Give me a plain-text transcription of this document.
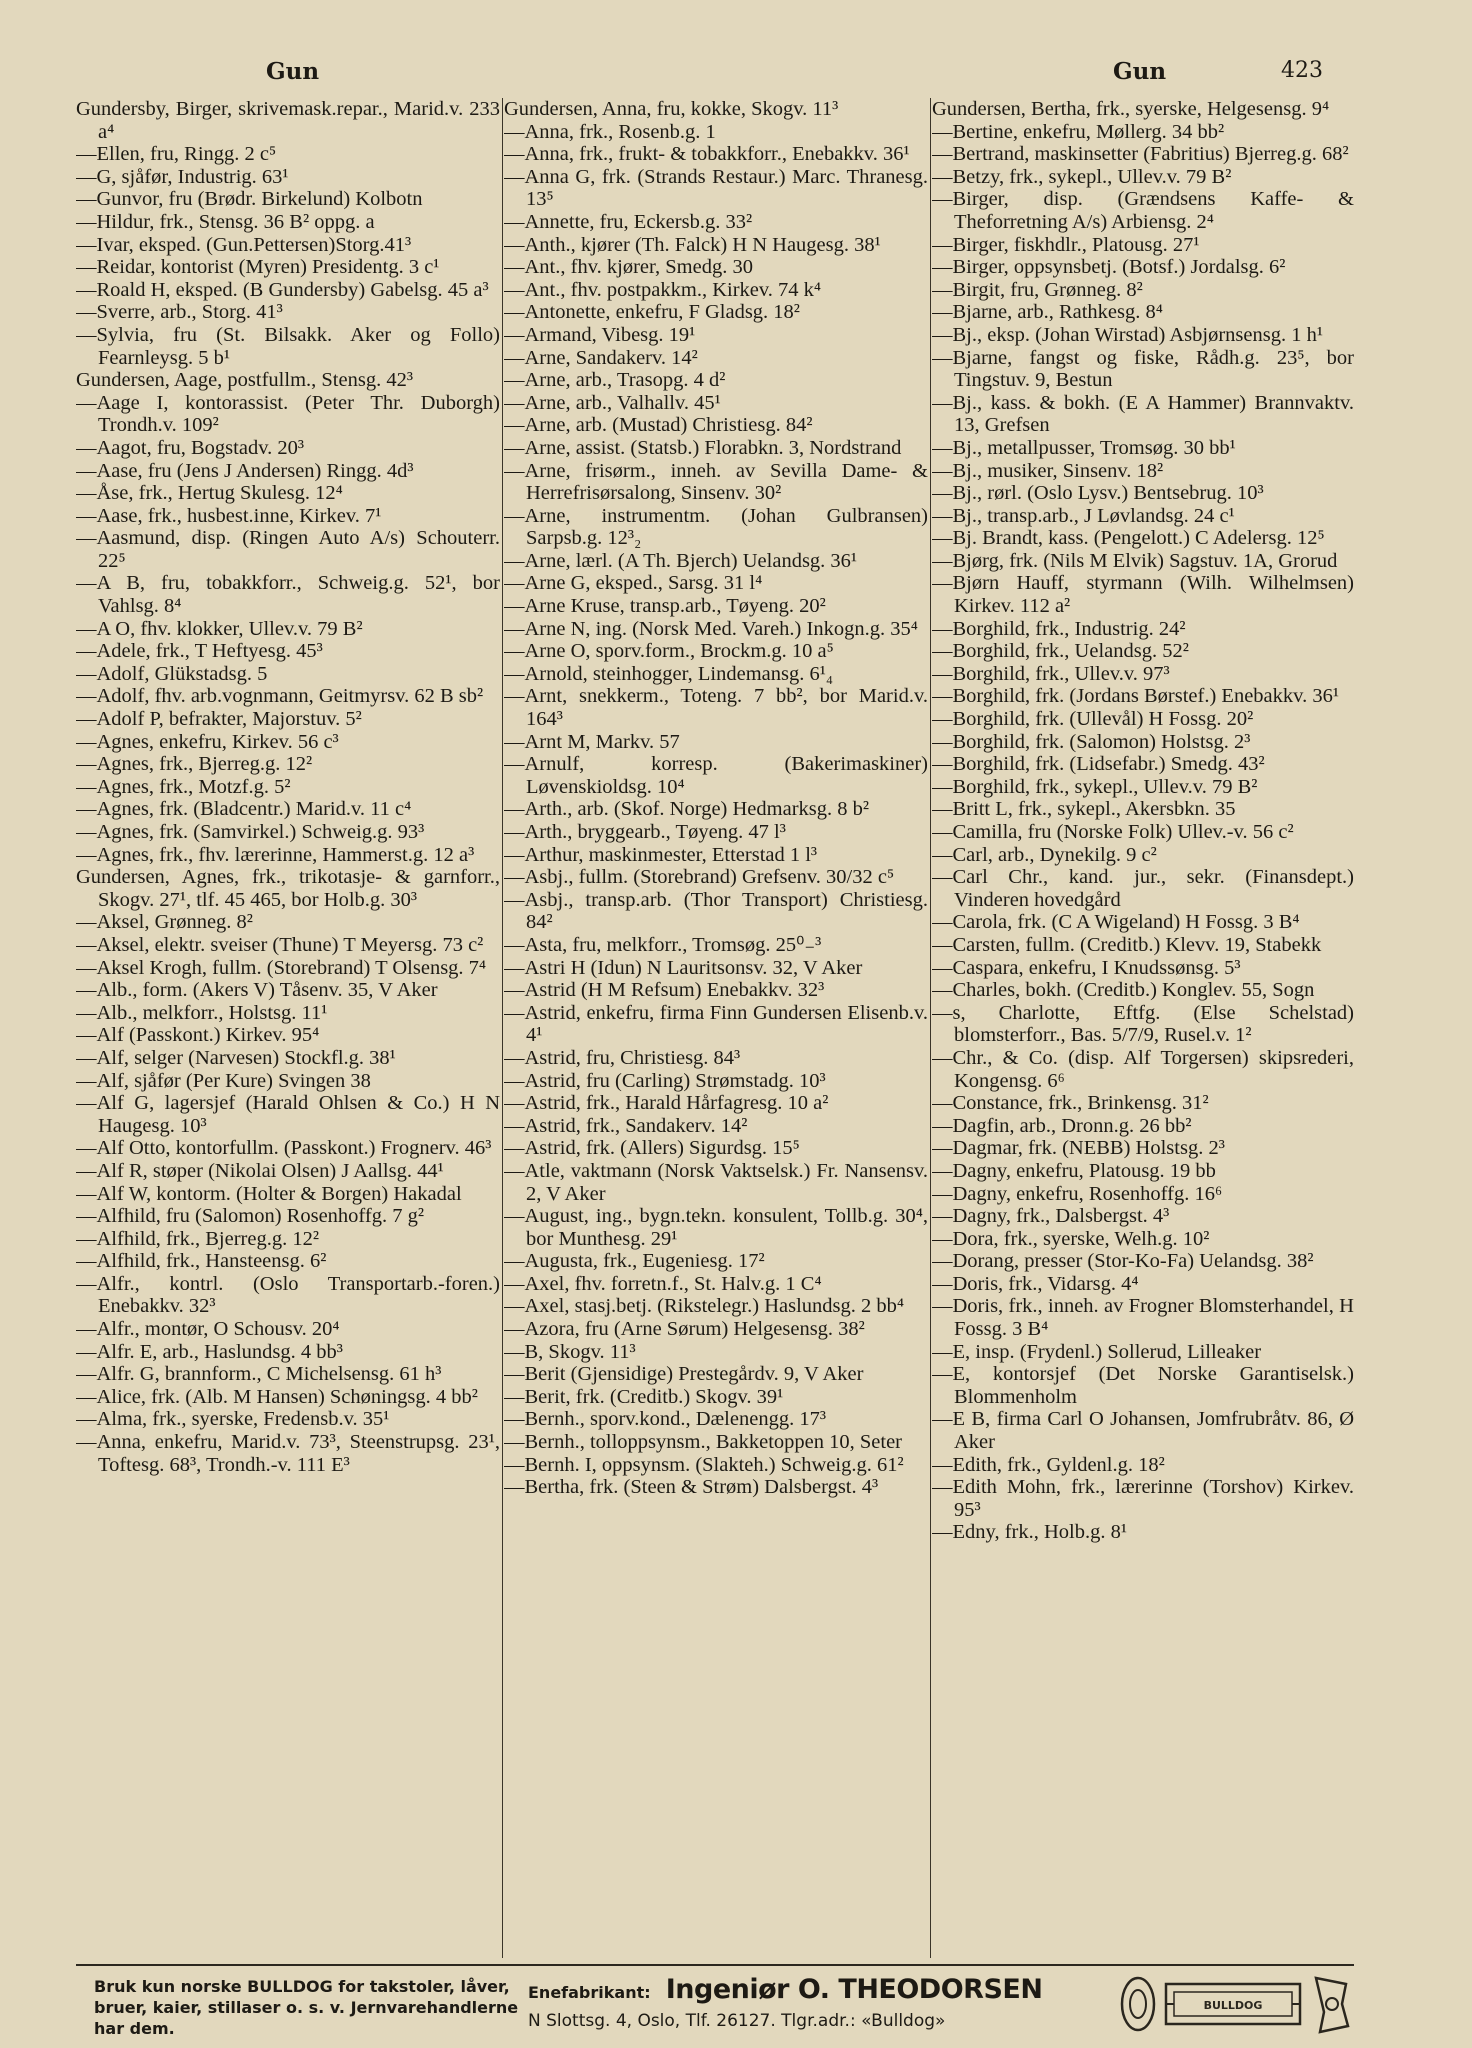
Gun	Gun	423

Gundersby, Birger, skrivemask.repar., Marid.v. 233 a⁴

—Ellen, fru, Ringg. 2 c⁵

—G, sjåfør, Industrig. 63¹

—Gunvor, fru (Brødr. Birkelund) Kolbotn

—Hildur, frk., Stensg. 36 B² oppg. a

—Ivar, eksped. (Gun.Pettersen)Storg.41³

—Reidar, kontorist (Myren) Presidentg. 3 c¹

—Roald H, eksped. (B Gundersby) Gabelsg. 45 a³

—Sverre, arb., Storg. 41³

—Sylvia, fru (St. Bilsakk. Aker og Follo) Fearnleysg. 5 b¹

Gundersen, Aage, postfullm., Stensg. 42³

—Aage I, kontorassist. (Peter Thr. Duborgh) Trondh.v. 109²

—Aagot, fru, Bogstadv. 20³

—Aase, fru (Jens J Andersen) Ringg. 4d³

—Åse, frk., Hertug Skulesg. 12⁴

—Aase, frk., husbest.inne, Kirkev. 7¹

—Aasmund, disp. (Ringen Auto A/s) Schouterr. 22⁵

—A B, fru, tobakkforr., Schweig.g. 52¹, bor Vahlsg. 8⁴

—A O, fhv. klokker, Ullev.v. 79 B²

—Adele, frk., T Heftyesg. 45³

—Adolf, Glükstadsg. 5

—Adolf, fhv. arb.vognmann, Geitmyrsv. 62 B sb²

—Adolf P, befrakter, Majorstuv. 5²

—Agnes, enkefru, Kirkev. 56 c³

—Agnes, frk., Bjerreg.g. 12²

—Agnes, frk., Motzf.g. 5²

—Agnes, frk. (Bladcentr.) Marid.v. 11 c⁴

—Agnes, frk. (Samvirkel.) Schweig.g. 93³

—Agnes, frk., fhv. lærerinne, Hammerst.g. 12 a³

Gundersen, Agnes, frk., trikotasje- & garnforr., Skogv. 27¹, tlf. 45 465, bor Holb.g. 30³

—Aksel, Grønneg. 8²

—Aksel, elektr. sveiser (Thune) T Meyersg. 73 c²

—Aksel Krogh, fullm. (Storebrand) T Olsensg. 7⁴

—Alb., form. (Akers V) Tåsenv. 35, V Aker

—Alb., melkforr., Holstsg. 11¹

—Alf (Passkont.) Kirkev. 95⁴

—Alf, selger (Narvesen) Stockfl.g. 38¹

—Alf, sjåfør (Per Kure) Svingen 38

—Alf G, lagersjef (Harald Ohlsen & Co.) H N Haugesg. 10³

—Alf Otto, kontorfullm. (Passkont.) Frognerv. 46³

—Alf R, støper (Nikolai Olsen) J Aallsg. 44¹

—Alf W, kontorm. (Holter & Borgen) Hakadal

—Alfhild, fru (Salomon) Rosenhoffg. 7 g²

—Alfhild, frk., Bjerreg.g. 12²

—Alfhild, frk., Hansteensg. 6²

—Alfr., kontrl. (Oslo Transportarb.-foren.) Enebakkv. 32³

—Alfr., montør, O Schousv. 20⁴

—Alfr. E, arb., Haslundsg. 4 bb³

—Alfr. G, brannform., C Michelsensg. 61 h³

—Alice, frk. (Alb. M Hansen) Schøningsg. 4 bb²

—Alma, frk., syerske, Fredensb.v. 35¹

—Anna, enkefru, Marid.v. 73³, Steenstrupsg. 23¹, Toftesg. 68³, Trondh.-v. 111 E³

Gundersen, Anna, fru, kokke, Skogv. 11³

—Anna, frk., Rosenb.g. 1

—Anna, frk., frukt- & tobakkforr., Enebakkv. 36¹

—Anna G, frk. (Strands Restaur.) Marc. Thranesg. 13⁵

—Annette, fru, Eckersb.g. 33²

—Anth., kjører (Th. Falck) H N Haugesg. 38¹

—Ant., fhv. kjører, Smedg. 30

—Ant., fhv. postpakkm., Kirkev. 74 k⁴

—Antonette, enkefru, F Gladsg. 18²

—Armand, Vibesg. 19¹

—Arne, Sandakerv. 14²

—Arne, arb., Trasopg. 4 d²

—Arne, arb., Valhallv. 45¹

—Arne, arb. (Mustad) Christiesg. 84²

—Arne, assist. (Statsb.) Florabkn. 3, Nordstrand

—Arne, frisørm., inneh. av Sevilla Dame- & Herrefrisørsalong, Sinsenv. 30²

—Arne, instrumentm. (Johan Gulbransen) Sarpsb.g. 12³₂

—Arne, lærl. (A Th. Bjerch) Uelandsg. 36¹

—Arne G, eksped., Sarsg. 31 l⁴

—Arne Kruse, transp.arb., Tøyeng. 20²

—Arne N, ing. (Norsk Med. Vareh.) Inkogn.g. 35⁴

—Arne O, sporv.form., Brockm.g. 10 a⁵

—Arnold, steinhogger, Lindemansg. 6¹₄

—Arnt, snekkerm., Toteng. 7 bb², bor Marid.v. 164³

—Arnt M, Markv. 57

—Arnulf, korresp. (Bakerimaskiner) Løvenskioldsg. 10⁴

—Arth., arb. (Skof. Norge) Hedmarksg. 8 b²

—Arth., bryggearb., Tøyeng. 47 l³

—Arthur, maskinmester, Etterstad 1 l³

—Asbj., fullm. (Storebrand) Grefsenv. 30/32 c⁵

—Asbj., transp.arb. (Thor Transport) Christiesg. 84²

—Asta, fru, melkforr., Tromsøg. 25⁰₋³

—Astri H (Idun) N Lauritsonsv. 32, V Aker

—Astrid (H M Refsum) Enebakkv. 32³

—Astrid, enkefru, firma Finn Gundersen Elisenb.v. 4¹

—Astrid, fru, Christiesg. 84³

—Astrid, fru (Carling) Strømstadg. 10³

—Astrid, frk., Harald Hårfagresg. 10 a²

—Astrid, frk., Sandakerv. 14²

—Astrid, frk. (Allers) Sigurdsg. 15⁵

—Atle, vaktmann (Norsk Vaktselsk.) Fr. Nansensv. 2, V Aker

—August, ing., bygn.tekn. konsulent, Tollb.g. 30⁴, bor Munthesg. 29¹

—Augusta, frk., Eugeniesg. 17²

—Axel, fhv. forretn.f., St. Halv.g. 1 C⁴

—Axel, stasj.betj. (Rikstelegr.) Haslundsg. 2 bb⁴

—Azora, fru (Arne Sørum) Helgesensg. 38²

—B, Skogv. 11³

—Berit (Gjensidige) Prestegårdv. 9, V Aker

—Berit, frk. (Creditb.) Skogv. 39¹

—Bernh., sporv.kond., Dælenengg. 17³

—Bernh., tolloppsynsm., Bakketoppen 10, Seter

—Bernh. I, oppsynsm. (Slakteh.) Schweig.g. 61²

—Bertha, frk. (Steen & Strøm) Dalsbergst. 4³

Gundersen, Bertha, frk., syerske, Helgesensg. 9⁴

—Bertine, enkefru, Møllerg. 34 bb²

—Bertrand, maskinsetter (Fabritius) Bjerreg.g. 68²

—Betzy, frk., sykepl., Ullev.v. 79 B²

—Birger, disp. (Grændsens Kaffe- & Theforretning A/s) Arbiensg. 2⁴

—Birger, fiskhdlr., Platousg. 27¹

—Birger, oppsynsbetj. (Botsf.) Jordalsg. 6²

—Birgit, fru, Grønneg. 8²

—Bjarne, arb., Rathkesg. 8⁴

—Bj., eksp. (Johan Wirstad) Asbjørnsensg. 1 h¹

—Bjarne, fangst og fiske, Rådh.g. 23⁵, bor Tingstuv. 9, Bestun

—Bj., kass. & bokh. (E A Hammer) Brannvaktv. 13, Grefsen

—Bj., metallpusser, Tromsøg. 30 bb¹

—Bj., musiker, Sinsenv. 18²

—Bj., rørl. (Oslo Lysv.) Bentsebrug. 10³

—Bj., transp.arb., J Løvlandsg. 24 c¹

—Bj. Brandt, kass. (Pengelott.) C Adelersg. 12⁵

—Bjørg, frk. (Nils M Elvik) Sagstuv. 1A, Grorud

—Bjørn Hauff, styrmann (Wilh. Wilhelmsen) Kirkev. 112 a²

—Borghild, frk., Industrig. 24²

—Borghild, frk., Uelandsg. 52²

—Borghild, frk., Ullev.v. 97³

—Borghild, frk. (Jordans Børstef.) Enebakkv. 36¹

—Borghild, frk. (Ullevål) H Fossg. 20²

—Borghild, frk. (Salomon) Holstsg. 2³

—Borghild, frk. (Lidsefabr.) Smedg. 43²

—Borghild, frk., sykepl., Ullev.v. 79 B²

—Britt L, frk., sykepl., Akersbkn. 35

—Camilla, fru (Norske Folk) Ullev.-v. 56 c²

—Carl, arb., Dynekilg. 9 c²

—Carl Chr., kand. jur., sekr. (Finansdept.) Vinderen hovedgård

—Carola, frk. (C A Wigeland) H Fossg. 3 B⁴

—Carsten, fullm. (Creditb.) Klevv. 19, Stabekk

—Caspara, enkefru, I Knudssønsg. 5³

—Charles, bokh. (Creditb.) Konglev. 55, Sogn

—s, Charlotte, Eftfg. (Else Schelstad) blomsterforr., Bas. 5/7/9, Rusel.v. 1²

—Chr., & Co. (disp. Alf Torgersen) skipsrederi, Kongensg. 6⁶

—Constance, frk., Brinkensg. 31²

—Dagfin, arb., Dronn.g. 26 bb²

—Dagmar, frk. (NEBB) Holstsg. 2³

—Dagny, enkefru, Platousg. 19 bb

—Dagny, enkefru, Rosenhoffg. 16⁶

—Dagny, frk., Dalsbergst. 4³

—Dora, frk., syerske, Welh.g. 10²

—Dorang, presser (Stor-Ko-Fa) Uelandsg. 38²

—Doris, frk., Vidarsg. 4⁴

—Doris, frk., inneh. av Frogner Blomsterhandel, H Fossg. 3 B⁴

—E, insp. (Frydenl.) Sollerud, Lilleaker

—E, kontorsjef (Det Norske Garantiselsk.) Blommenholm

—E B, firma Carl O Johansen, Jomfrubråtv. 86, Ø Aker

—Edith, frk., Gyldenl.g. 18²

—Edith Mohn, frk., lærerinne (Torshov) Kirkev. 95³

—Edny, frk., Holb.g. 8¹

Bruk kun norske BULLDOG for takstoler, låver, bruer, kaier, stillaser o. s. v. Jernvarehandlerne har dem.
Enefabrikant: Ingeniør O. THEODORSEN
N Slottsg. 4, Oslo, Tlf. 26127. Tlgr.adr.: «Bulldog»
BULLDOG
